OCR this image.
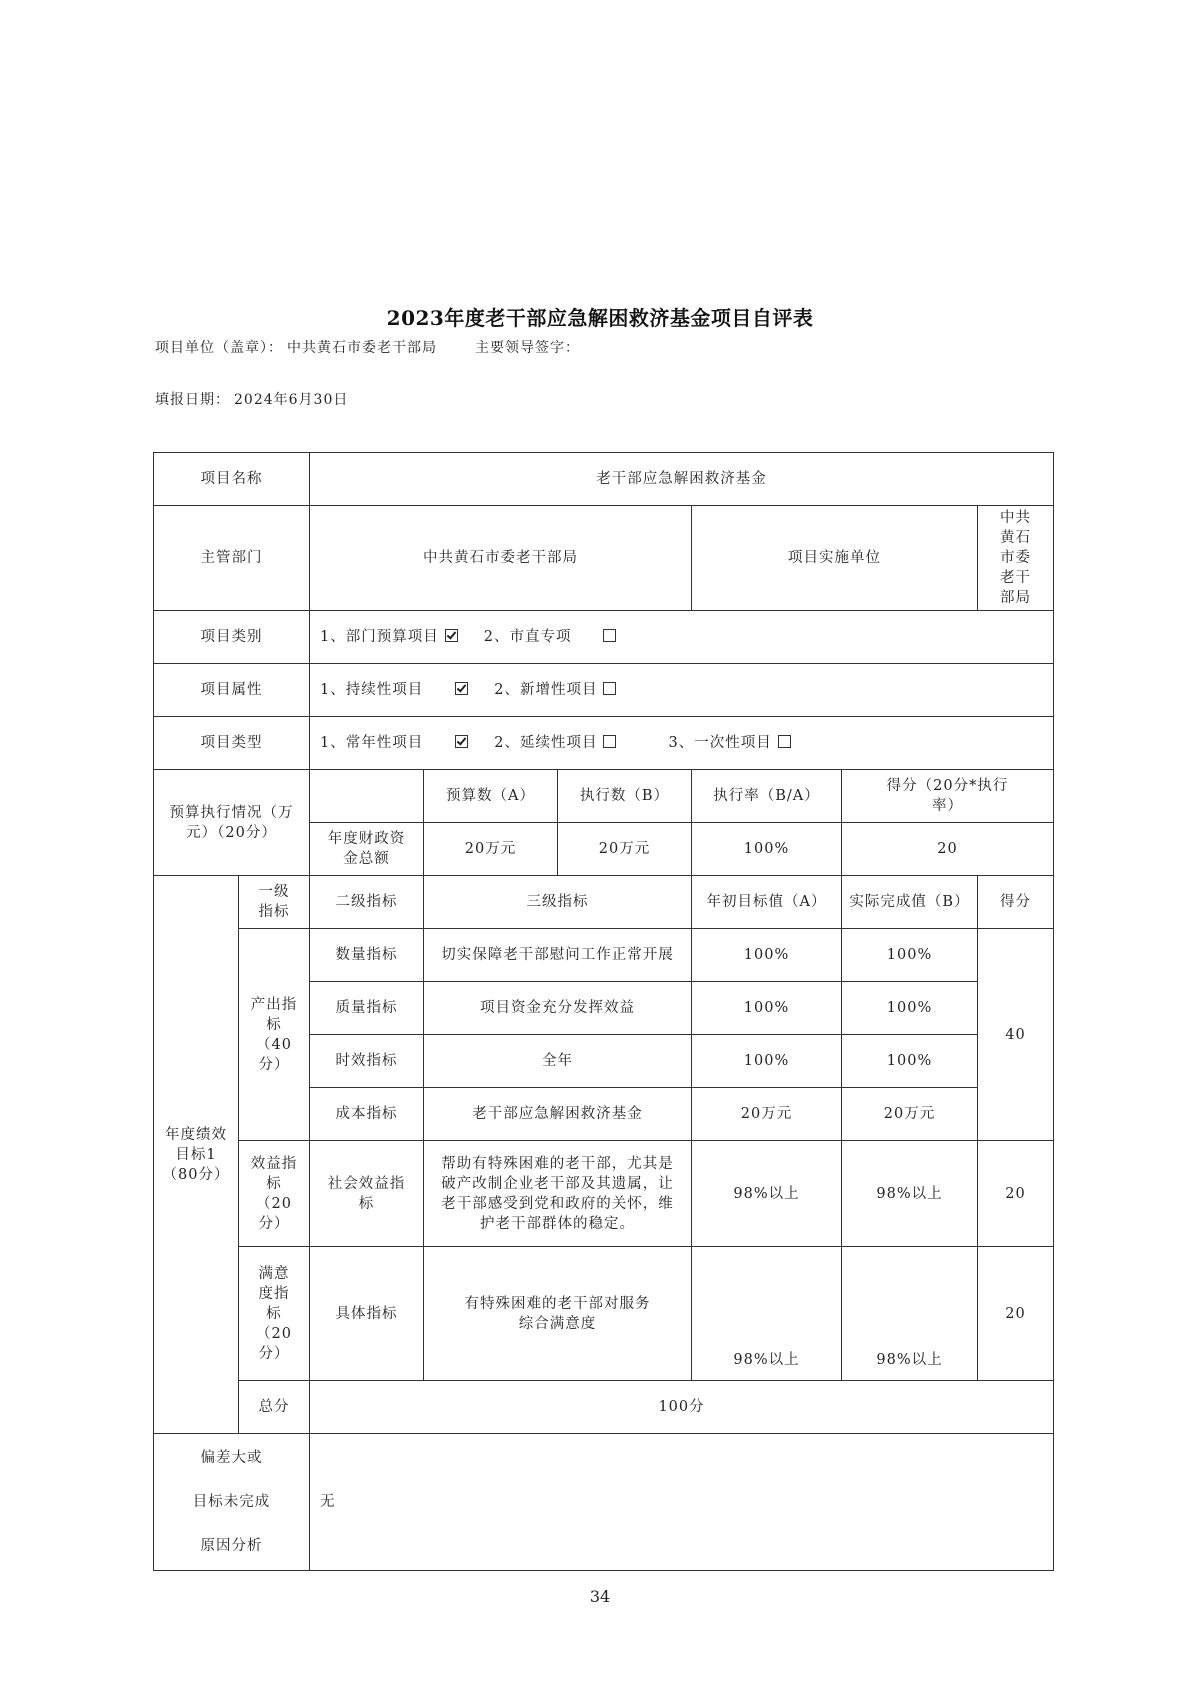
2023年度老干部应急解困救济基金项目自评表
项目单位（盖章）： 中共黄石市委老干部局	主要领导签字：
填报日期： 2024年6月30日
项目名称		老干部应急解困救济基金					
主管部门		中共黄石市委老干部局			项目实施单位		中共黄石市委老干部局
项目类别		1、部门预算项目 2、市直专项					
项目属性		1、持续性项目 2、新增性项目					
项目类型		1、常年性项目 2、延续性项目 3、一次性项目					
预算执行情况（万元）（20分）			预算数（A）	执行数（B）	执行率（B/A）	得分（20分*执行率）	
		年度财政资金总额	20万元	20万元	100%	20	
年度绩效目标1（80分）	一级指标	二级指标	三级指标		年初目标值（A）	实际完成值（B）	得分
	产出指标（40分）	数量指标	切实保障老干部慰问工作正常开展		100%	100%	40
		质量指标	项目资金充分发挥效益		100%	100%	
		时效指标	全年		100%	100%	
		成本指标	老干部应急解困救济基金		20万元	20万元	
	效益指标（20分）	社会效益指标	帮助有特殊困难的老干部，尤其是破产改制企业老干部及其遗属，让老干部感受到党和政府的关怀，维护老干部群体的稳定。		98%以上	98%以上	20
	满意度指标（20分）	具体指标	有特殊困难的老干部对服务综合满意度		98%以上	98%以上	20
	总分	100分					

偏差大或

目标未完成

原因分析		无					
34
